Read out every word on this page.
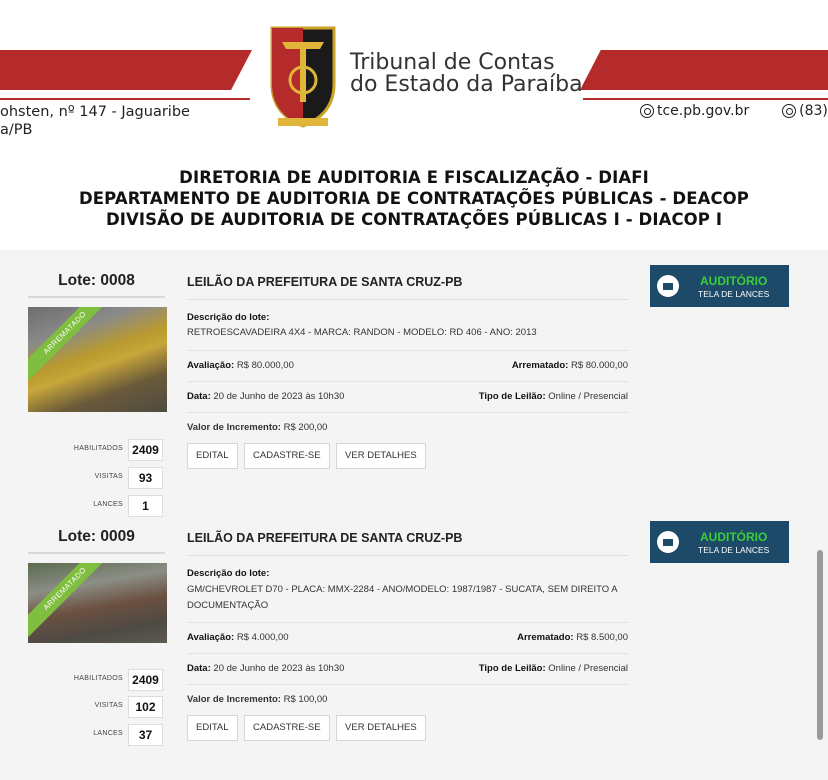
Tribunal de Contas
do Estado da Paraíba
ohsten, nº 147 - Jaguaribe
a/PB
tce.pb.gov.br	(83)
DIRETORIA DE AUDITORIA E FISCALIZAÇÃO - DIAFI
DEPARTAMENTO DE AUDITORIA DE CONTRATAÇÕES PÚBLICAS - DEACOP
DIVISÃO DE AUDITORIA DE CONTRATAÇÕES PÚBLICAS I - DIACOP I
Lote: 0008
ARREMATADO
HABILITADOS 2409
VISITAS	93
LANCES	1
LEILÃO DA PREFEITURA DE SANTA CRUZ-PB
Descrição do lote:
RETROESCAVADEIRA 4X4 - MARCA: RANDON - MODELO: RD 406 - ANO: 2013
Avaliação: R$ 80.000,00	Arrematado: R$ 80.000,00
Data: 20 de Junho de 2023 às 10h30	Tipo de Leilão: Online / Presencial
Valor de Incremento: R$ 200,00
EDITAL	CADASTRE-SE	VER DETALHES
AUDITÓRIO
TELA DE LANCES
Lote: 0009
ARREMATADO
HABILITADOS 2409
VISITAS	102
LANCES	37
LEILÃO DA PREFEITURA DE SANTA CRUZ-PB
Descrição do lote:
GM/CHEVROLET D70 - PLACA: MMX-2284 - ANO/MODELO: 1987/1987 - SUCATA, SEM DIREITO A DOCUMENTAÇÃO
Avaliação: R$ 4.000,00	Arrematado: R$ 8.500,00
Data: 20 de Junho de 2023 às 10h30	Tipo de Leilão: Online / Presencial
Valor de Incremento: R$ 100,00
EDITAL	CADASTRE-SE	VER DETALHES
AUDITÓRIO
TELA DE LANCES
